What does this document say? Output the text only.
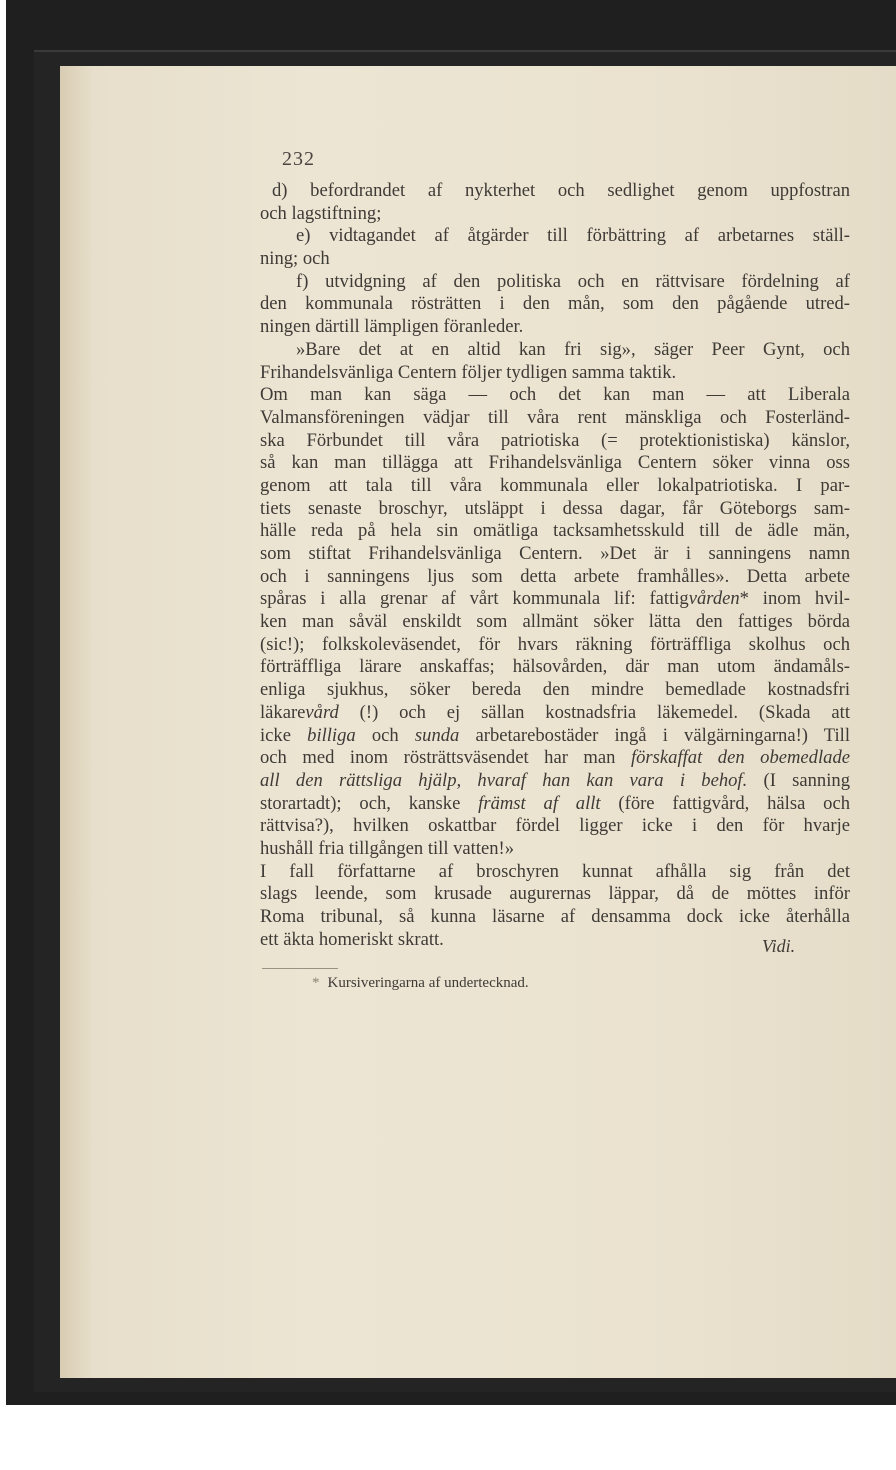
232
d) befordrandet af nykterhet och sedlighet genom uppfostran
och lagstiftning;
e) vidtagandet af åtgärder till förbättring af arbetarnes ställ-
ning; och
f) utvidgning af den politiska och en rättvisare fördelning af
den kommunala rösträtten i den mån, som den pågående utred-
ningen därtill lämpligen föranleder.
»Bare det at en altid kan fri sig», säger Peer Gynt, och
Frihandelsvänliga Centern följer tydligen samma taktik.
Om man kan säga — och det kan man — att Liberala
Valmansföreningen vädjar till våra rent mänskliga och Fosterländ-
ska Förbundet till våra patriotiska (= protektionistiska) känslor,
så kan man tillägga att Frihandelsvänliga Centern söker vinna oss
genom att tala till våra kommunala eller lokalpatriotiska. I par-
tiets senaste broschyr, utsläppt i dessa dagar, får Göteborgs sam-
hälle reda på hela sin omätliga tacksamhetsskuld till de ädle män,
som stiftat Frihandelsvänliga Centern. »Det är i sanningens namn
och i sanningens ljus som detta arbete framhålles». Detta arbete
spåras i alla grenar af vårt kommunala lif: fattigvården* inom hvil-
ken man såväl enskildt som allmänt söker lätta den fattiges börda
(sic!); folkskoleväsendet, för hvars räkning förträffliga skolhus och
förträffliga lärare anskaffas; hälsovården, där man utom ändamåls-
enliga sjukhus, söker bereda den mindre bemedlade kostnadsfri
läkarevård (!) och ej sällan kostnadsfria läkemedel. (Skada att
icke billiga och sunda arbetarebostäder ingå i välgärningarna!) Till
och med inom rösträttsväsendet har man förskaffat den obemedlade
all den rättsliga hjälp, hvaraf han kan vara i behof. (I sanning
storartadt); och, kanske främst af allt (före fattigvård, hälsa och
rättvisa?), hvilken oskattbar fördel ligger icke i den för hvarje
hushåll fria tillgången till vatten!»
I fall författarne af broschyren kunnat afhålla sig från det
slags leende, som krusade augurernas läppar, då de möttes inför
Roma tribunal, så kunna läsarne af densamma dock icke återhålla
ett äkta homeriskt skratt.	Vidi.
* Kursiveringarna af undertecknad.
